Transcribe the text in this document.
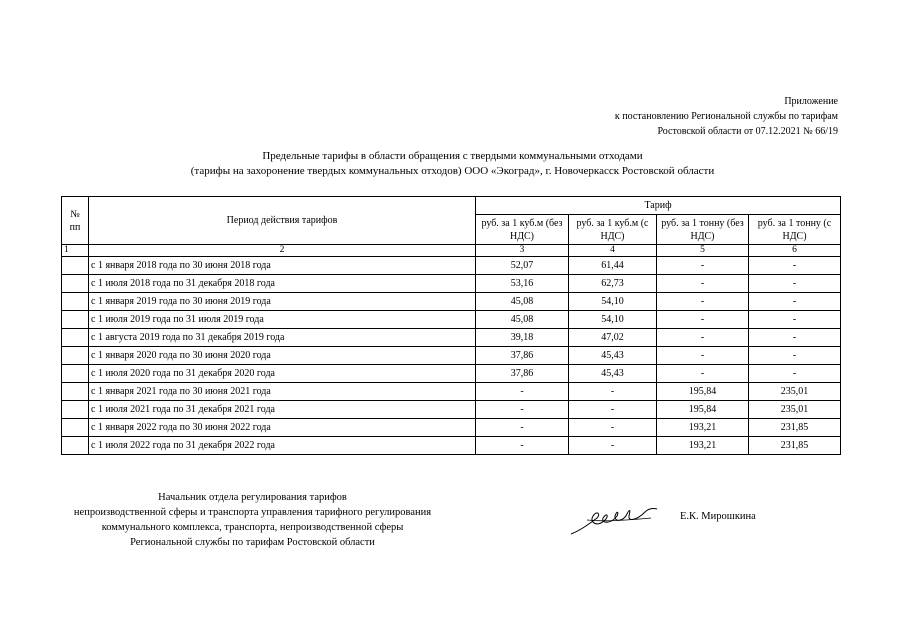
Приложение
к постановлению Региональной службы по тарифам
Ростовской области от 07.12.2021 № 66/19
Предельные тарифы в области обращения с твердыми коммунальными отходами
(тарифы на захоронение твердых коммунальных отходов) ООО «Экоград», г. Новочеркасск Ростовской области
№ пп	Период действия тарифов	Тариф			
		руб. за 1 куб.м (без НДС)	руб. за 1 куб.м (с НДС)	руб. за 1 тонну (без НДС)	руб. за 1 тонну (с НДС)
1	2	3	4	5	6
	с 1 января 2018 года по 30 июня 2018 года	52,07	61,44	-	-
	с 1 июля 2018 года по 31 декабря 2018 года	53,16	62,73	-	-
	с 1 января 2019 года по 30 июня 2019 года	45,08	54,10	-	-
	с 1 июля 2019 года по 31 июля 2019 года	45,08	54,10	-	-
	с 1 августа 2019 года по 31 декабря 2019 года	39,18	47,02	-	-
	с 1 января 2020 года по 30 июня 2020 года	37,86	45,43	-	-
	с 1 июля 2020 года по 31 декабря 2020 года	37,86	45,43	-	-
	с 1 января 2021 года по 30 июня 2021 года	-	-	195,84	235,01
	с 1 июля 2021 года по 31 декабря 2021 года	-	-	195,84	235,01
	с 1 января 2022 года по 30 июня 2022 года	-	-	193,21	231,85
	с 1 июля 2022 года по 31 декабря 2022 года	-	-	193,21	231,85
Начальник отдела регулирования тарифов
непроизводственной сферы и транспорта управления тарифного регулирования
коммунального комплекса, транспорта, непроизводственной сферы
Региональной службы по тарифам Ростовской области
Е.К. Мирошкина
